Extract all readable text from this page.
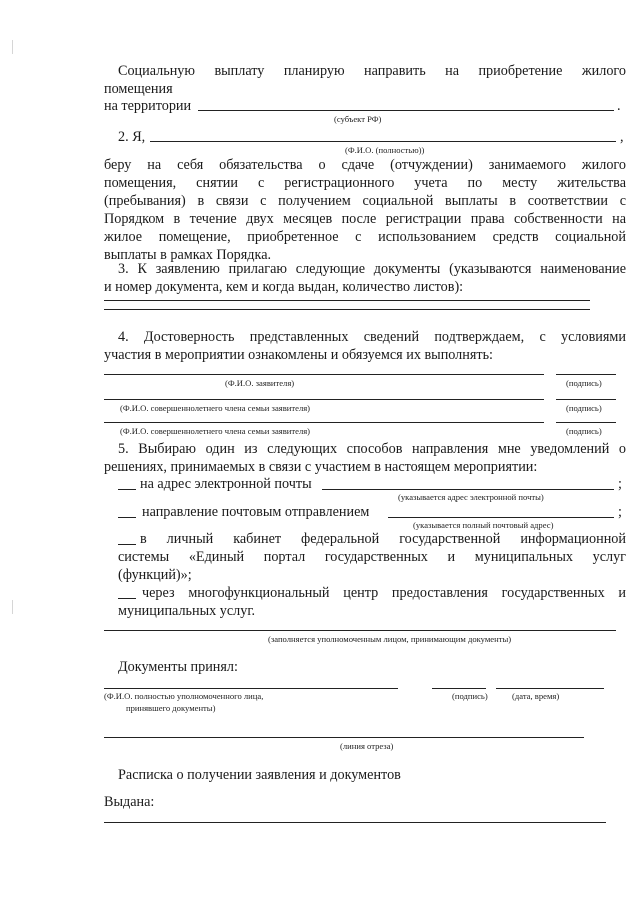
Социальную выплату планирую направить на приобретение жилого
помещения
на территории	.
(субъект РФ)
2. Я,	,
(Ф.И.О. (полностью))
беру на себя обязательства о сдаче (отчуждении) занимаемого жилого
помещения, снятии с регистрационного учета по месту жительства
(пребывания) в связи с получением социальной выплаты в соответствии с
Порядком в течение двух месяцев после регистрации права собственности на
жилое помещение, приобретенное с использованием средств социальной
выплаты в рамках Порядка.
3. К заявлению прилагаю следующие документы (указываются наименование
и номер документа, кем и когда выдан, количество листов):
4. Достоверность представленных сведений подтверждаем, с условиями
участия в мероприятии ознакомлены и обязуемся их выполнять:
(Ф.И.О. заявителя)	(подпись)
(Ф.И.О. совершеннолетнего члена семьи заявителя)	(подпись)
(Ф.И.О. совершеннолетнего члена семьи заявителя)	(подпись)
5. Выбираю один из следующих способов направления мне уведомлений о
решениях, принимаемых в связи с участием в настоящем мероприятии:
на адрес электронной почты	;
(указывается адрес электронной почты)
направление почтовым отправлением	;
(указывается полный почтовый адрес)
в личный кабинет федеральной государственной информационной
системы «Единый портал государственных и муниципальных услуг
(функций)»;
через многофункциональный центр предоставления государственных и
муниципальных услуг.
(заполняется уполномоченным лицом, принимающим документы)
Документы принял:
(Ф.И.О. полностью уполномоченного лица,
принявшего документы)
(подпись)	(дата, время)
(линия отреза)
Расписка о получении заявления и документов
Выдана:
